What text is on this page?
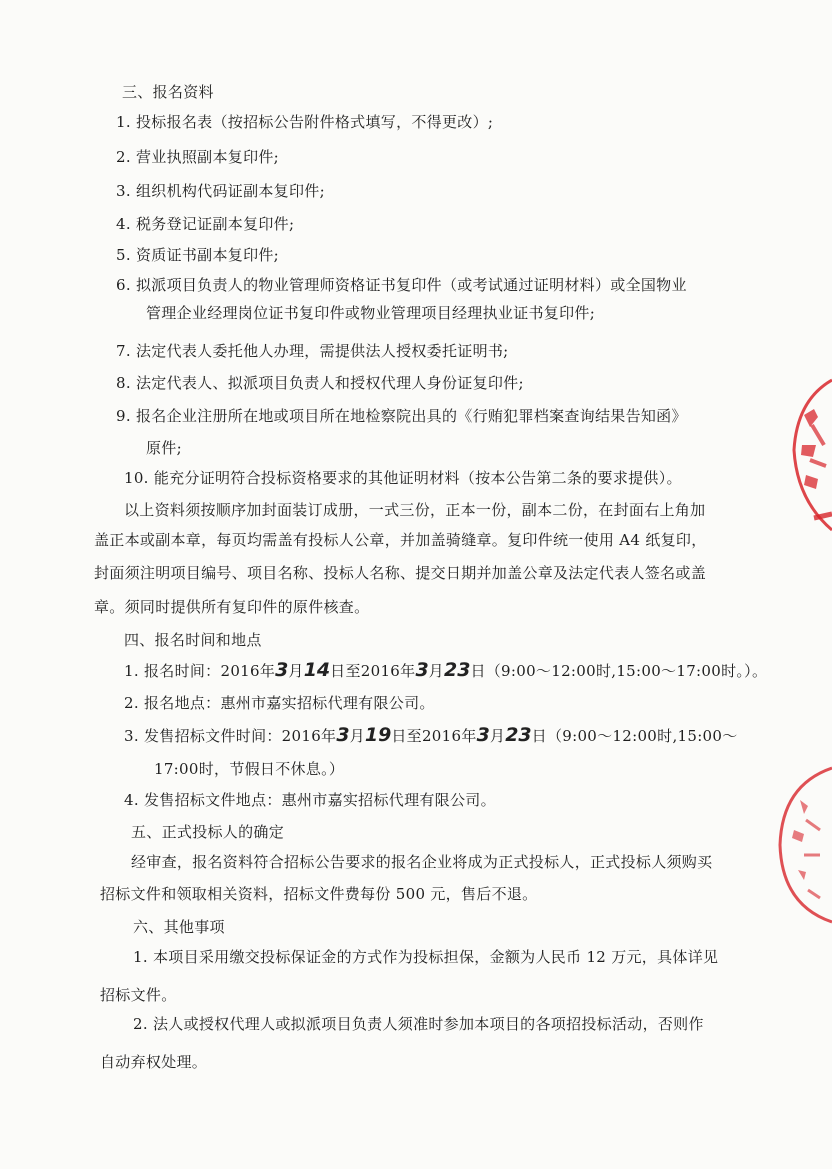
三、报名资料
1. 投标报名表（按招标公告附件格式填写，不得更改）;
2. 营业执照副本复印件;
3. 组织机构代码证副本复印件;
4. 税务登记证副本复印件;
5. 资质证书副本复印件;
6. 拟派项目负责人的物业管理师资格证书复印件（或考试通过证明材料）或全国物业
管理企业经理岗位证书复印件或物业管理项目经理执业证书复印件;
7. 法定代表人委托他人办理，需提供法人授权委托证明书;
8. 法定代表人、拟派项目负责人和授权代理人身份证复印件;
9. 报名企业注册所在地或项目所在地检察院出具的《行贿犯罪档案查询结果告知函》
原件;
10. 能充分证明符合投标资格要求的其他证明材料（按本公告第二条的要求提供）。
以上资料须按顺序加封面装订成册，一式三份，正本一份，副本二份，在封面右上角加
盖正本或副本章，每页均需盖有投标人公章，并加盖骑缝章。复印件统一使用 A4 纸复印，
封面须注明项目编号、项目名称、投标人名称、提交日期并加盖公章及法定代表人签名或盖
章。须同时提供所有复印件的原件核查。
四、报名时间和地点
1. 报名时间：2016年3月14日至2016年3月23日（9:00～12:00时,15:00～17:00时。）。
2. 报名地点：惠州市嘉实招标代理有限公司。
3. 发售招标文件时间：2016年3月19日至2016年3月23日（9:00～12:00时,15:00～
17:00时，节假日不休息。）
4. 发售招标文件地点：惠州市嘉实招标代理有限公司。
五、正式投标人的确定
经审查，报名资料符合招标公告要求的报名企业将成为正式投标人，正式投标人须购买
招标文件和领取相关资料，招标文件费每份 500 元，售后不退。
六、其他事项
1. 本项目采用缴交投标保证金的方式作为投标担保，金额为人民币 12 万元，具体详见
招标文件。
2. 法人或授权代理人或拟派项目负责人须准时参加本项目的各项招投标活动，否则作
自动弃权处理。
